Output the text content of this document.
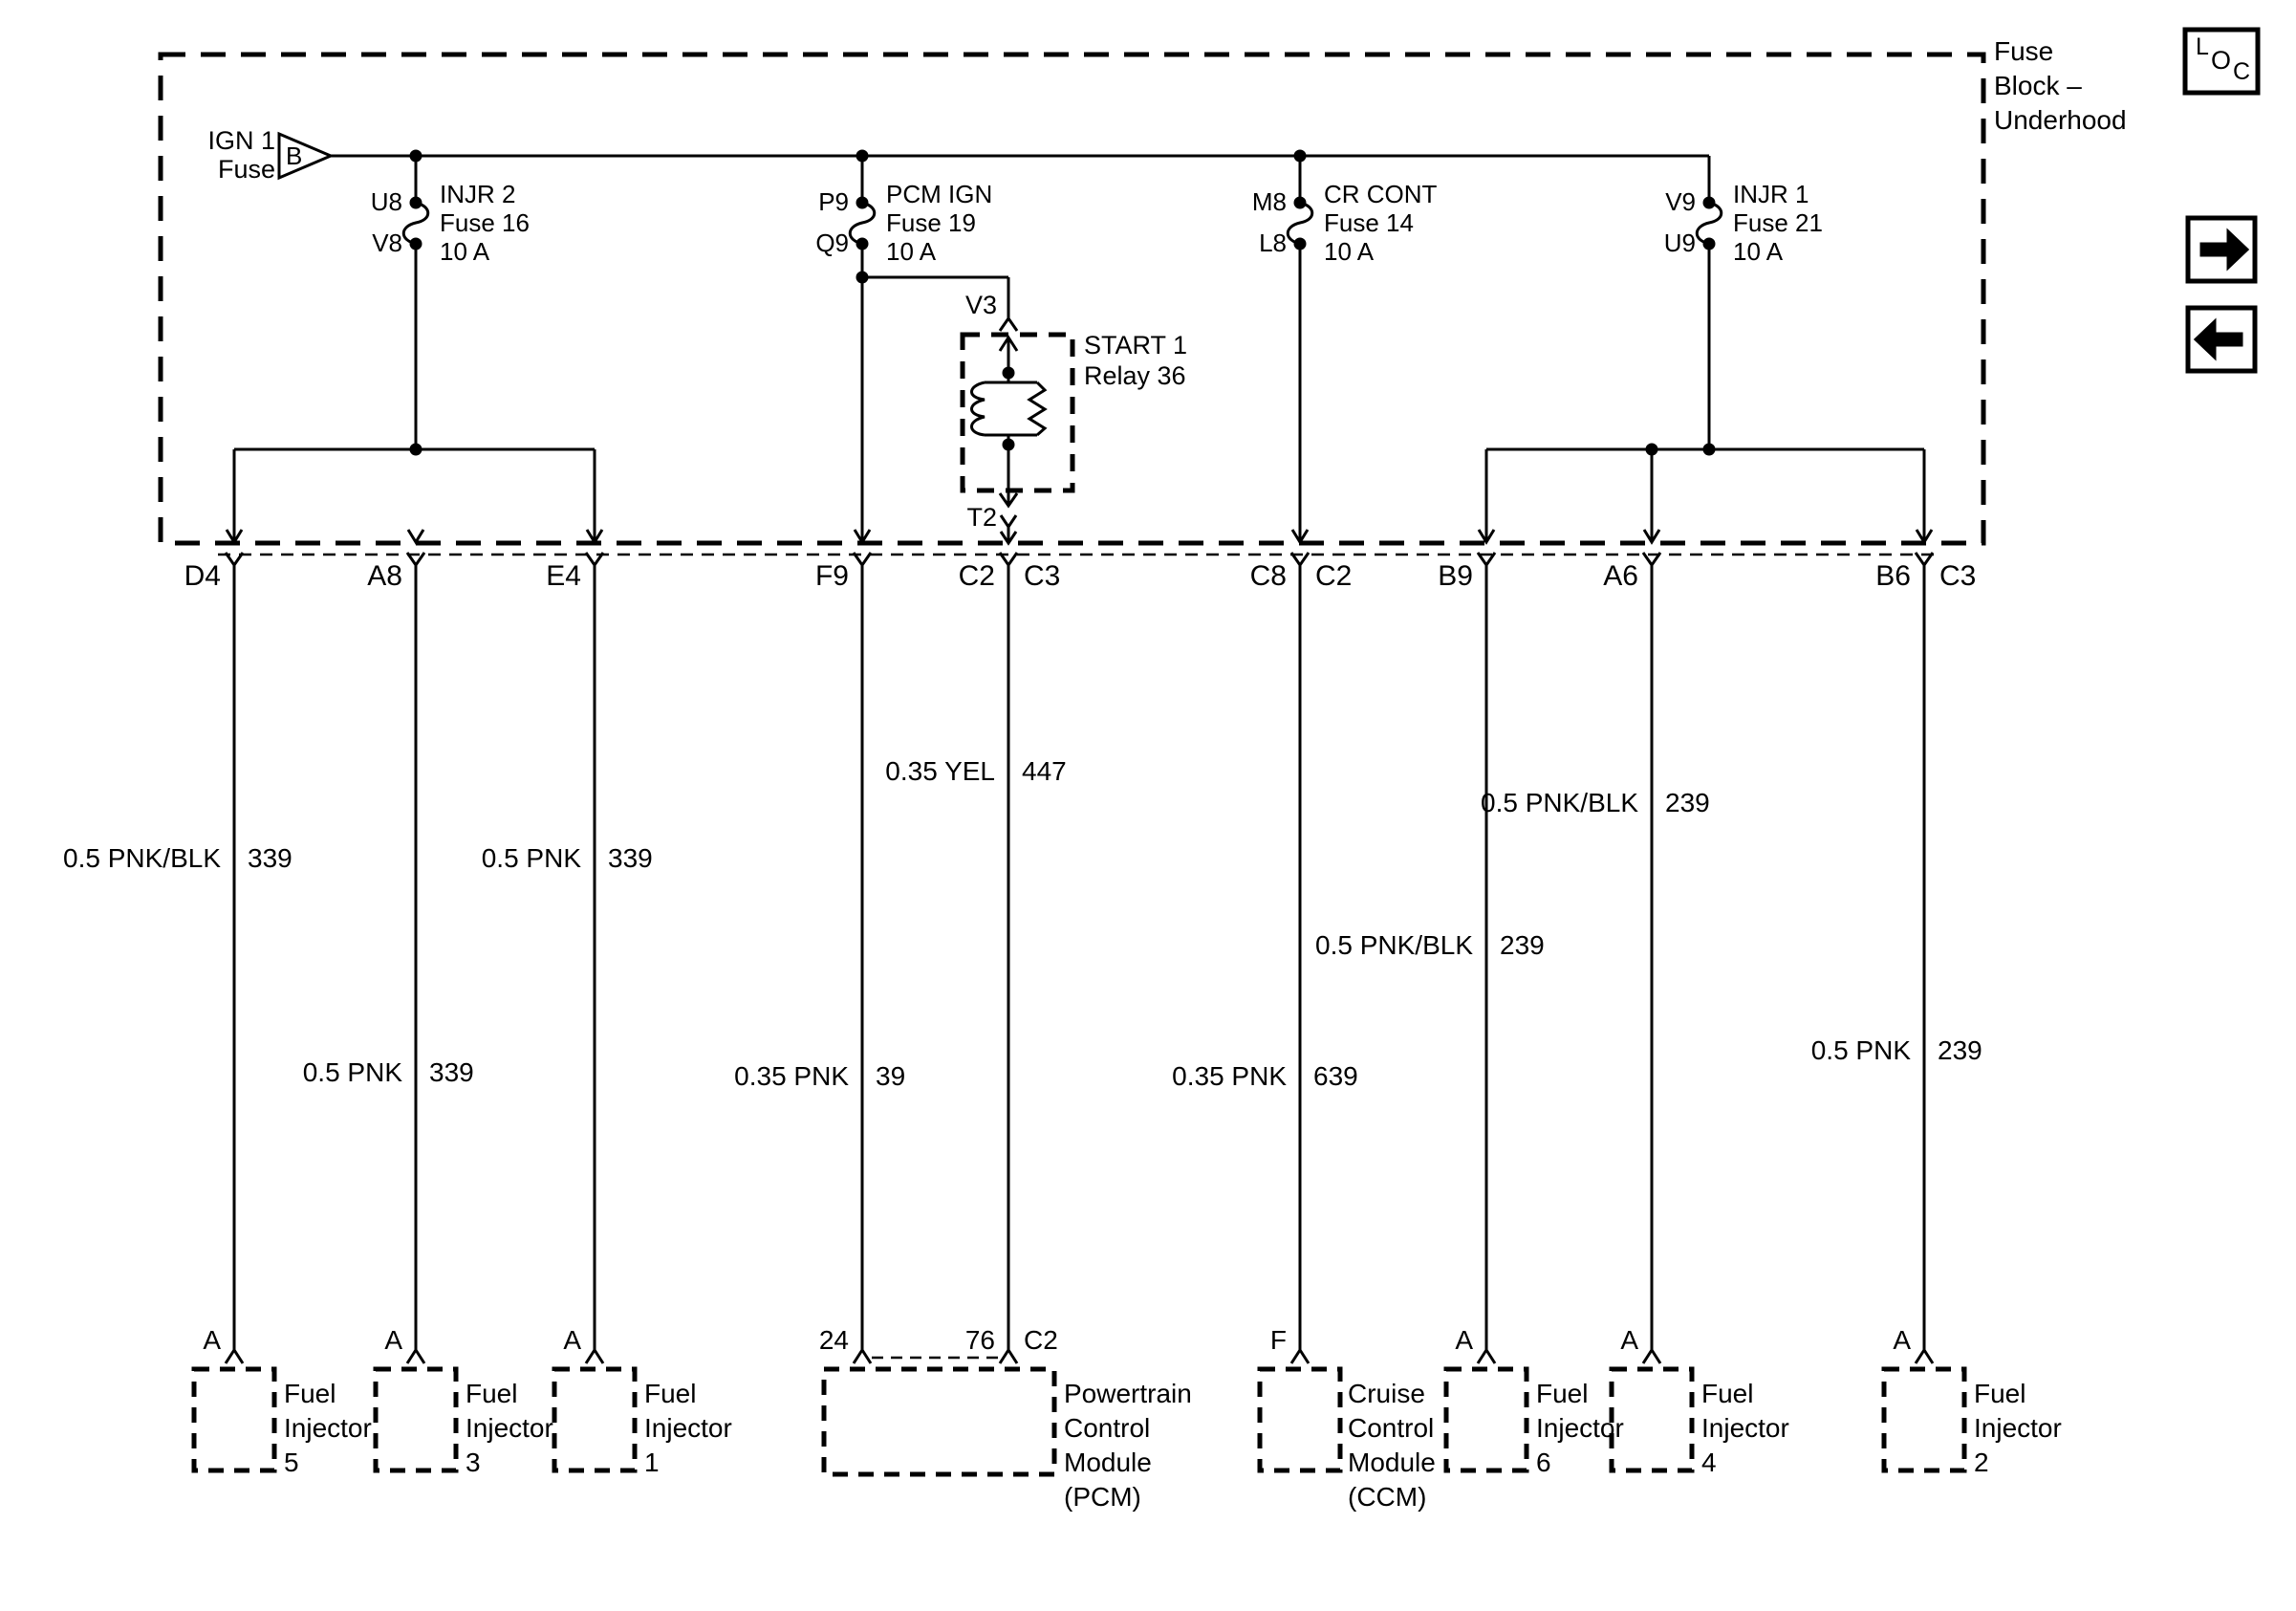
Fuse
Block –
Underhood
L O C
IGN 1
Fuse B
U8
V8
INJR 2
Fuse 16
10 A
P9
Q9
PCM IGN
Fuse 19
10 A
M8
L8
CR CONT
Fuse 14
10 A
V9
U9
INJR 1
Fuse 21
10 A
V3
START 1
Relay 36
T2
D4	A8	E4	F9	C2 C3	C8 C2	B9	A6	B6 C3
0.5 PNK/BLK 339
0.5 PNK 339
0.5 PNK 339
0.35 YEL 447
0.35 PNK 39	0.35 PNK 639
0.5 PNK/BLK 239
0.5 PNK/BLK 239
0.5 PNK 239
A	A	A	24	76 C2	F	A	A	A
Fuel
Injector
5
Fuel
Injector
3
Fuel
Injector
1
Powertrain
Control
Module
(PCM)
Cruise
Control
Module
(CCM)
Fuel
Injector
6
Fuel
Injector
4
Fuel
Injector
2
